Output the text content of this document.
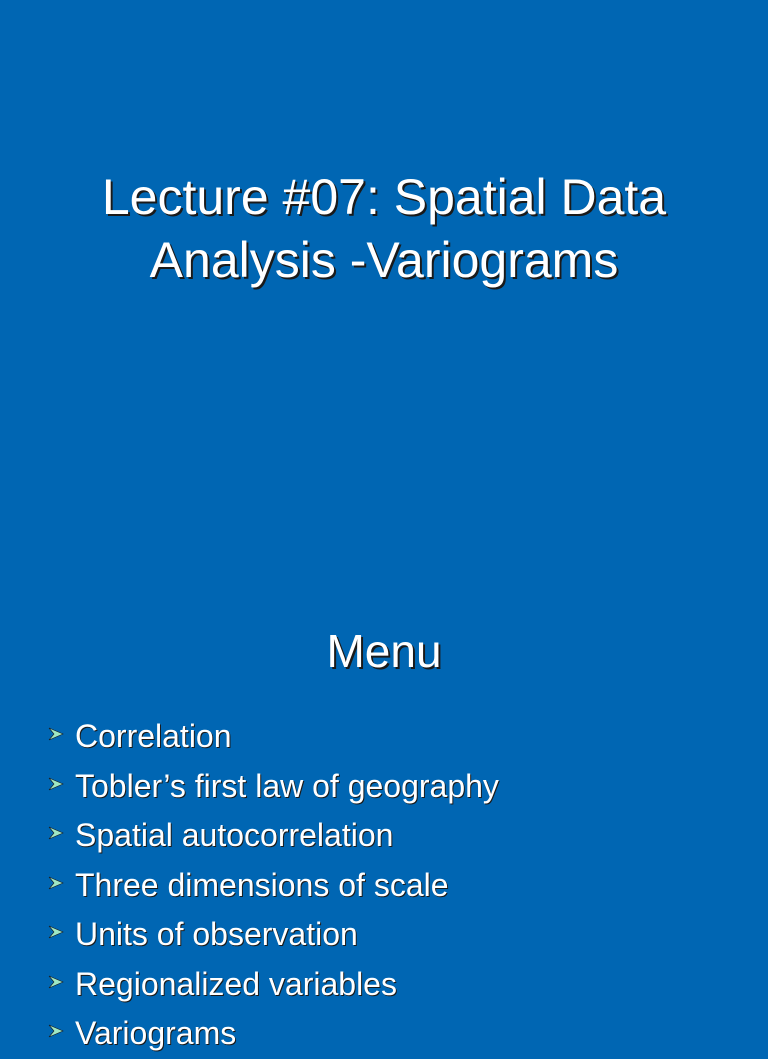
Lecture #07: Spatial Data
Analysis -Variograms
Menu
Correlation
Tobler’s first law of geography
Spatial autocorrelation
Three dimensions of scale
Units of observation
Regionalized variables
Variograms
